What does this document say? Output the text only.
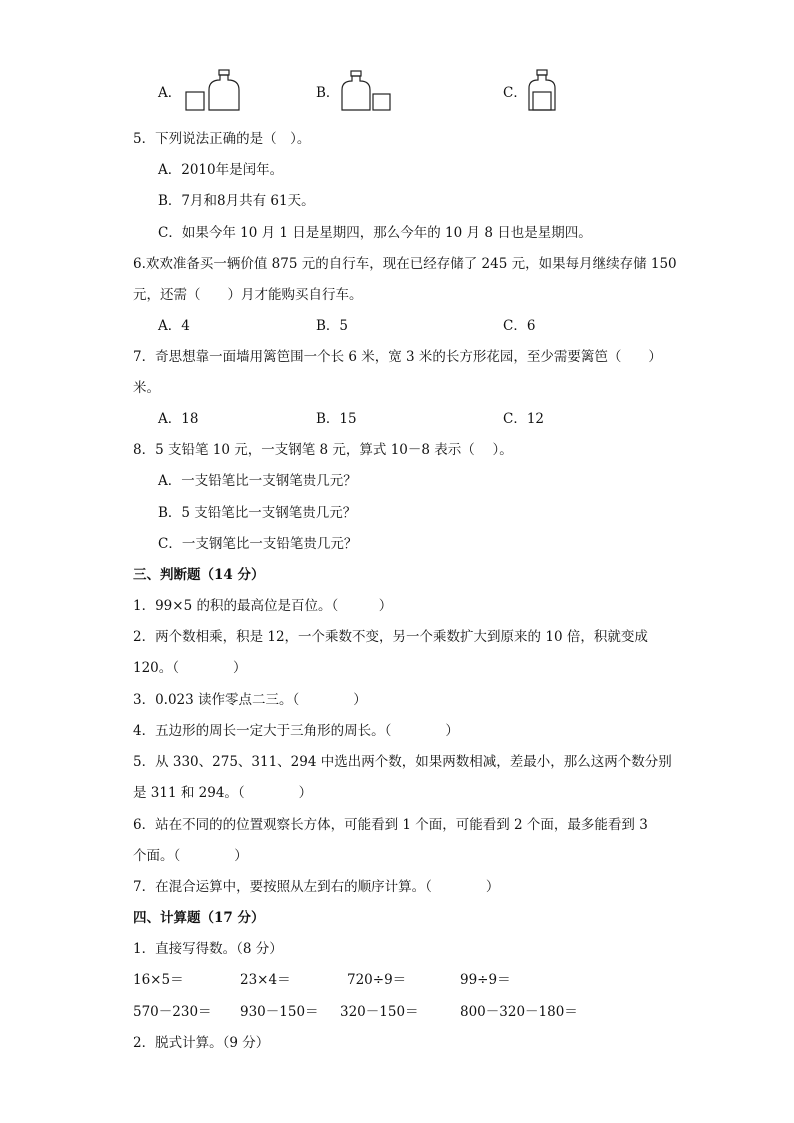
A．	B．	C．
5．下列说法正确的是（　）。
A．2010年是闰年。
B．7月和8月共有 61天。
C．如果今年 10 月 1 日是星期四，那么今年的 10 月 8 日也是星期四。
6.欢欢准备买一辆价值 875 元的自行车，现在已经存储了 245 元，如果每月继续存储 150
元，还需（　　）月才能购买自行车。
A．4	B．5	C．6
7．奇思想靠一面墙用篱笆围一个长 6 米，宽 3 米的长方形花园，至少需要篱笆（　　）
米。
A．18	B．15	C．12
8．5 支铅笔 10 元，一支钢笔 8 元，算式 10－8 表示（　 ）。
A．一支铅笔比一支钢笔贵几元？
B．5 支铅笔比一支钢笔贵几元？
C．一支钢笔比一支铅笔贵几元？
三、判断题（14 分）
1．99×5 的积的最高位是百位。（　　　）
2．两个数相乘，积是 12，一个乘数不变，另一个乘数扩大到原来的 10 倍，积就变成
120。（　　　　）
3．0.023 读作零点二三。（　　　　）
4．五边形的周长一定大于三角形的周长。（　　　　）
5．从 330、275、311、294 中选出两个数，如果两数相减，差最小，那么这两个数分别
是 311 和 294。（　　　　）
6．站在不同的的位置观察长方体，可能看到 1 个面，可能看到 2 个面，最多能看到 3
个面。（　　　　）
7．在混合运算中，要按照从左到右的顺序计算。（　　　　）
四、计算题（17 分）
1．直接写得数。（8 分）
16×5＝	23×4＝	720÷9＝	99÷9＝
570－230＝ 930－150＝ 320－150＝	800－320－180＝
2．脱式计算。（9 分）
